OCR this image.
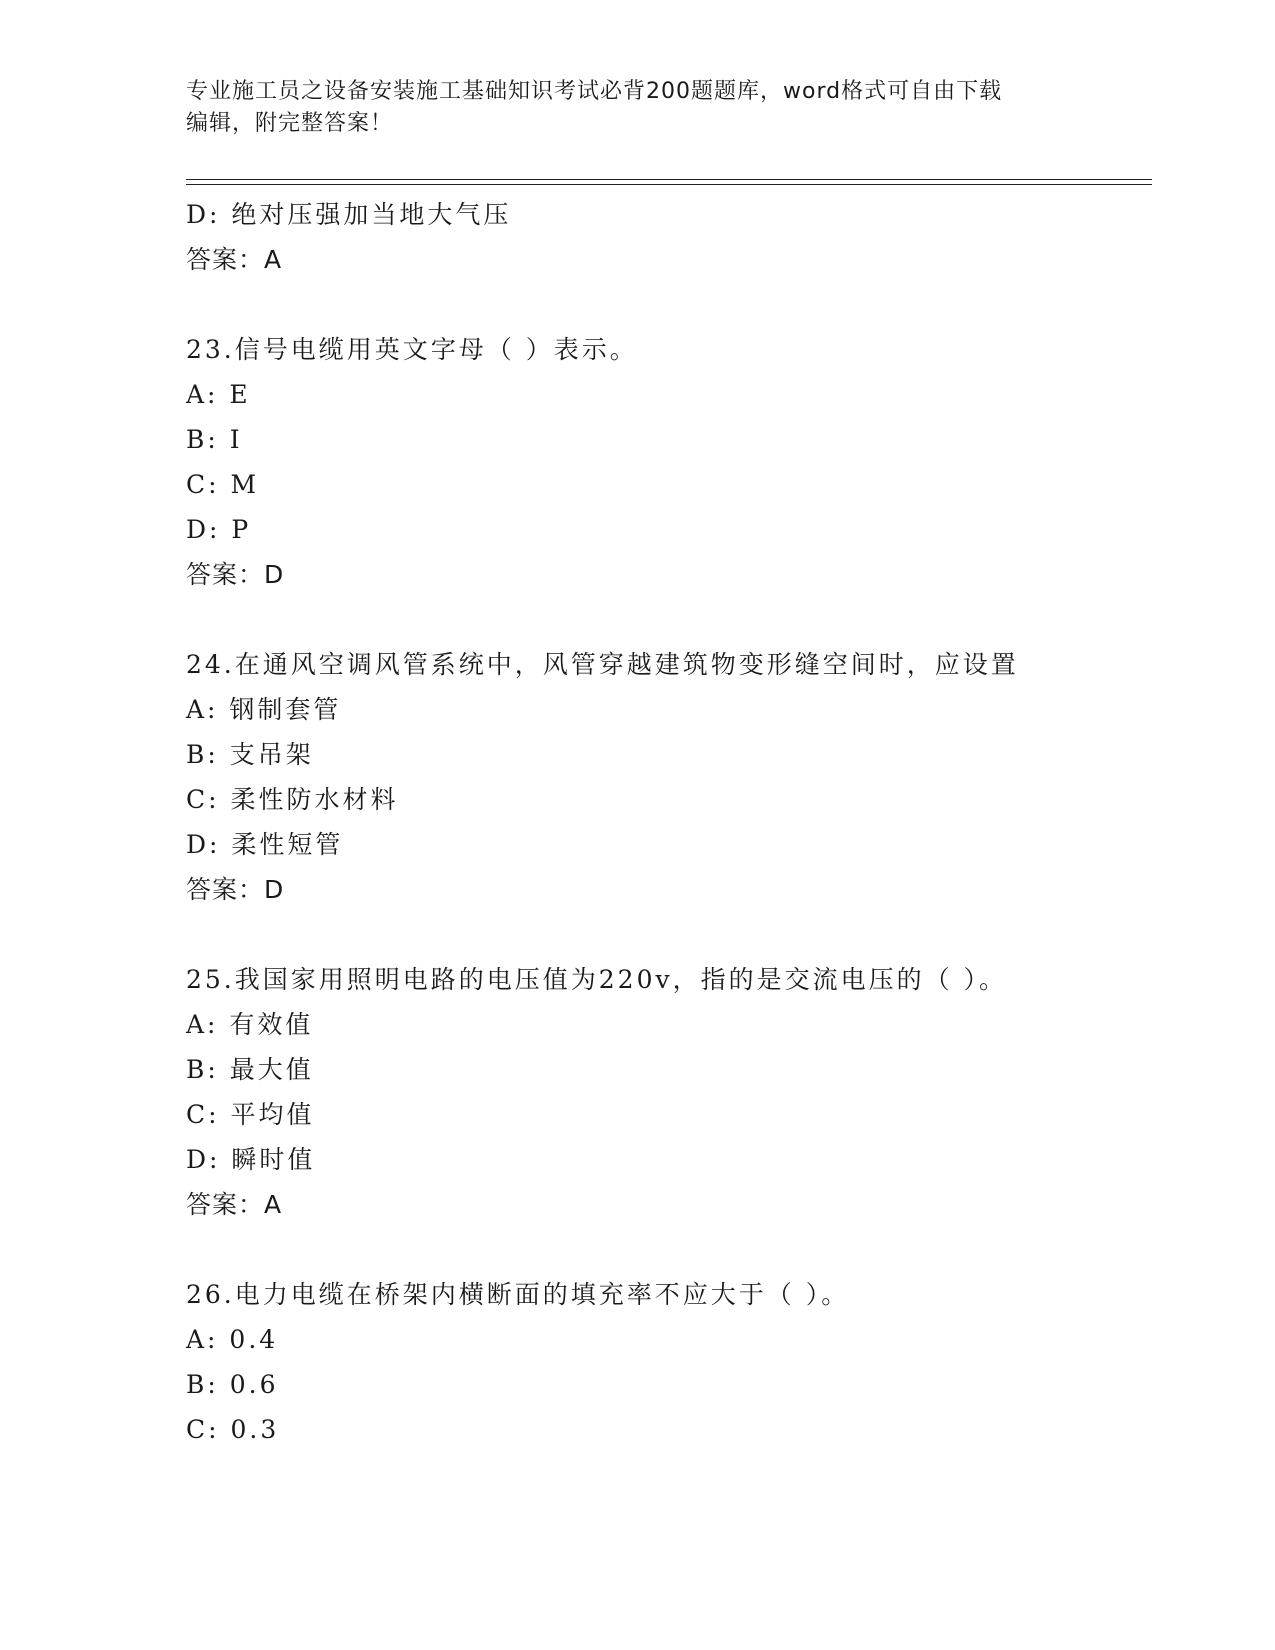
专业施工员之设备安装施工基础知识考试必背200题题库，word格式可自由下载
编辑，附完整答案！
D: 绝对压强加当地大气压
答案：A
23.信号电缆用英文字母（ ）表示。
A: E
B: I
C: M
D: P
答案：D
24.在通风空调风管系统中，风管穿越建筑物变形缝空间时，应设置
A: 钢制套管
B: 支吊架
C: 柔性防水材料
D: 柔性短管
答案：D
25.我国家用照明电路的电压值为220v，指的是交流电压的（ ）。
A: 有效值
B: 最大值
C: 平均值
D: 瞬时值
答案：A
26.电力电缆在桥架内横断面的填充率不应大于（ ）。
A: 0.4
B: 0.6
C: 0.3
